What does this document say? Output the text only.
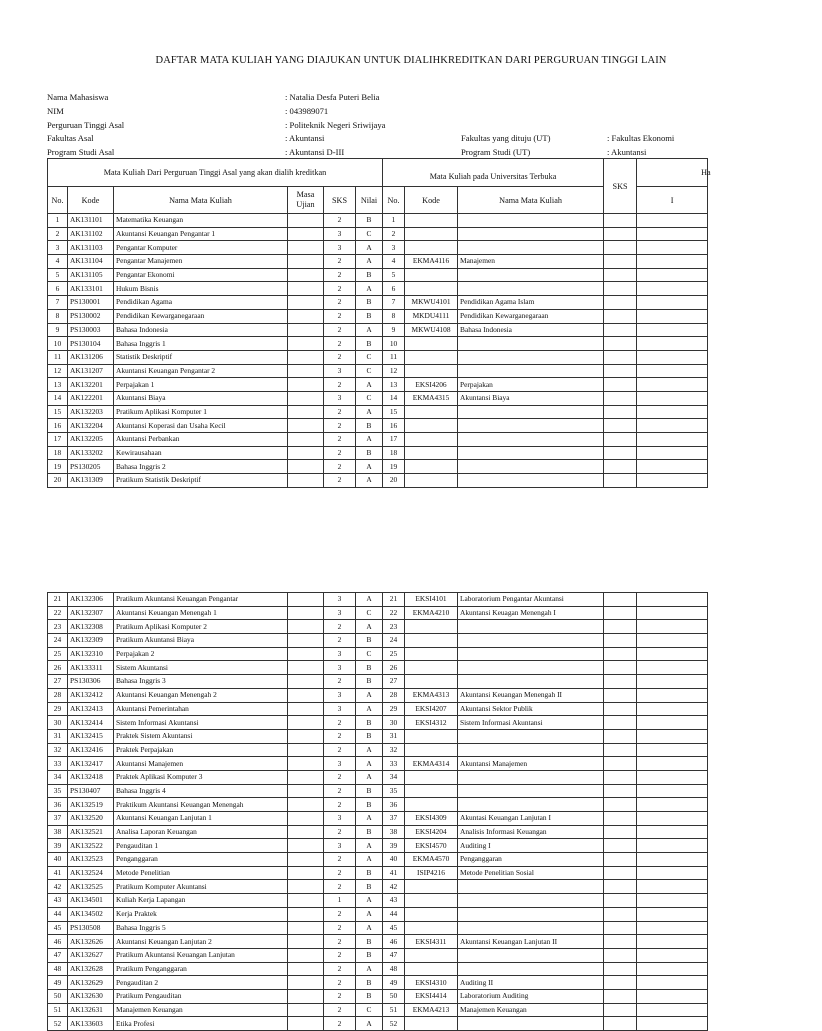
DAFTAR MATA KULIAH YANG DIAJUKAN UNTUK DIALIHKREDITKAN DARI PERGURUAN TINGGI LAIN
Nama Mahasiswa	: Natalia Desfa Puteri Belia
NIM	: 043989071
Perguruan Tinggi Asal	: Politeknik Negeri Sriwijaya
Fakultas Asal	: Akuntansi
Program Studi Asal	: Akuntansi D-III
Fakultas yang dituju (UT)	: Fakultas Ekonomi
Program Studi (UT)	: Akuntansi
Mata Kuliah Dari Perguruan Tinggi Asal yang akan dialih kreditkan						Mata Kuliah pada Universitas Terbuka			SKS	Ha
No.	Kode	Nama Mata Kuliah	Masa
Ujian	SKS	Nilai	No.	Kode	Nama Mata Kuliah		I
1	AK131101	Matematika Keuangan		2	B	1				
2	AK131102	Akuntansi Keuangan Pengantar 1		3	C	2				
3	AK131103	Pengantar Komputer		3	A	3				
4	AK131104	Pengantar Manajemen		2	A	4	EKMA4116	Manajemen		
5	AK131105	Pengantar Ekonomi		2	B	5				
6	AK133101	Hukum Bisnis		2	A	6				
7	PS130001	Pendidikan Agama		2	B	7	MKWU4101	Pendidikan Agama Islam		
8	PS130002	Pendidikan Kewarganegaraan		2	B	8	MKDU4111	Pendidikan Kewarganegaraan		
9	PS130003	Bahasa Indonesia		2	A	9	MKWU4108	Bahasa Indonesia		
10	PS130104	Bahasa Inggris 1		2	B	10				
11	AK131206	Statistik Deskriptif		2	C	11				
12	AK131207	Akuntansi Keuangan Pengantar 2		3	C	12				
13	AK132201	Perpajakan 1		2	A	13	EKSI4206	Perpajakan		
14	AK122201	Akuntansi Biaya		3	C	14	EKMA4315	Akuntansi Biaya		
15	AK132203	Pratikum Aplikasi Komputer 1		2	A	15				
16	AK132204	Akuntansi Koperasi dan Usaha Kecil		2	B	16				
17	AK132205	Akuntansi Perbankan		2	A	17				
18	AK133202	Kewirausahaan		2	B	18				
19	PS130205	Bahasa Inggris 2		2	A	19				
20	AK131309	Pratikum Statistik Deskriptif		2	A	20				
21	AK132306	Pratikum Akuntansi Keuangan Pengantar		3	A	21	EKSI4101	Laboratorium Pengantar Akuntansi		
22	AK132307	Akuntansi Keuangan Menengah 1		3	C	22	EKMA4210	Akuntansi Keuagan Menengah I		
23	AK132308	Pratikum Aplikasi Komputer 2		2	A	23				
24	AK132309	Pratikum Akuntansi Biaya		2	B	24				
25	AK132310	Perpajakan 2		3	C	25				
26	AK133311	Sistem Akuntansi		3	B	26				
27	PS130306	Bahasa Inggris 3		2	B	27				
28	AK132412	Akuntansi Keuangan Menengah 2		3	A	28	EKMA4313	Akuntansi Keuangan Menengah II		
29	AK132413	Akuntansi Pemerintahan		3	A	29	EKSI4207	Akuntansi Sektor Publik		
30	AK132414	Sistem Informasi Akuntansi		2	B	30	EKSI4312	Sistem Informasi Akuntansi		
31	AK132415	Praktek Sistem Akuntansi		2	B	31				
32	AK132416	Praktek Perpajakan		2	A	32				
33	AK132417	Akuntansi Manajemen		3	A	33	EKMA4314	Akuntansi Manajemen		
34	AK132418	Praktek Aplikasi Komputer 3		2	A	34				
35	PS130407	Bahasa Inggris 4		2	B	35				
36	AK132519	Praktikum Akuntansi Keuangan Menengah		2	B	36				
37	AK132520	Akuntansi Keuangan Lanjutan 1		3	A	37	EKSI4309	Akuntasi Keuangan Lanjutan I		
38	AK132521	Analisa Laporan Keuangan		2	B	38	EKSI4204	Analisis Informasi Keuangan		
39	AK132522	Pengauditan 1		3	A	39	EKSI4570	Auditing I		
40	AK132523	Penganggaran		2	A	40	EKMA4570	Penganggaran		
41	AK132524	Metode Penelitian		2	B	41	ISIP4216	Metode Penelitian Sosial		
42	AK132525	Pratikum Komputer Akuntansi		2	B	42				
43	AK134501	Kuliah Kerja Lapangan		1	A	43				
44	AK134502	Kerja Praktek		2	A	44				
45	PS130508	Bahasa Inggris 5		2	A	45				
46	AK132626	Akuntansi Keuangan Lanjutan 2		2	B	46	EKSI4311	Akuntansi Keuangan Lanjutan II		
47	AK132627	Pratikum Akuntansi Keuangan Lanjutan		2	B	47				
48	AK132628	Pratikum Penganggaran		2	A	48				
49	AK132629	Pengauditan 2		2	B	49	EKSI4310	Auditing II		
50	AK132630	Pratikum Pengauditan		2	B	50	EKSI4414	Laboratorium Auditing		
51	AK132631	Manajemen Keuangan		2	C	51	EKMA4213	Manajemen Keuangan		
52	AK133603	Etika Profesi		2	A	52				
